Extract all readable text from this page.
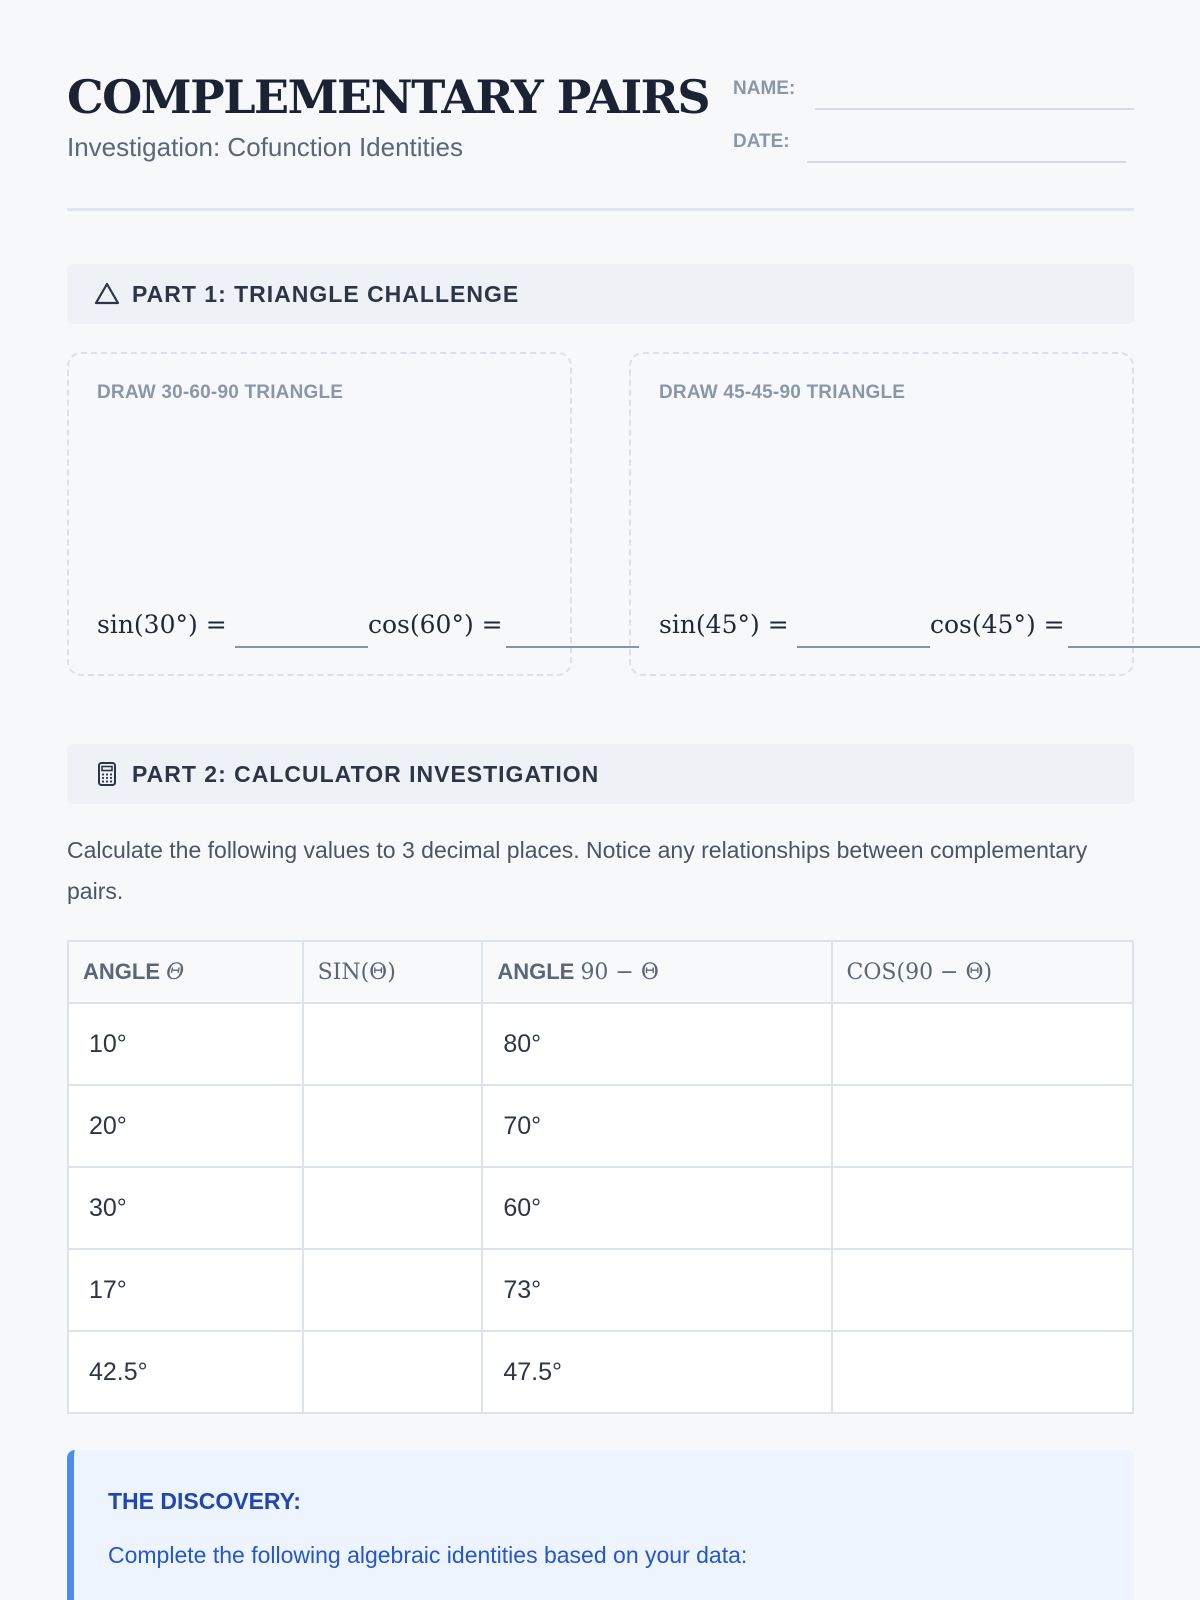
COMPLEMENTARY PAIRS
Investigation: Cofunction Identities
NAME:
DATE:
PART 1: TRIANGLE CHALLENGE
DRAW 30-60-90 TRIANGLE
sin(30°) =	cos(60°) =
DRAW 45-45-90 TRIANGLE
sin(45°) =	cos(45°) =
PART 2: CALCULATOR INVESTIGATION
Calculate the following values to 3 decimal places. Notice any relationships between complementary pairs.
ANGLE Θ	SIN(Θ)	ANGLE 90 − Θ	COS(90 − Θ)
10°		80°	
20°		70°	
30°		60°	
17°		73°	
42.5°		47.5°	
THE DISCOVERY:
Complete the following algebraic identities based on your data:
